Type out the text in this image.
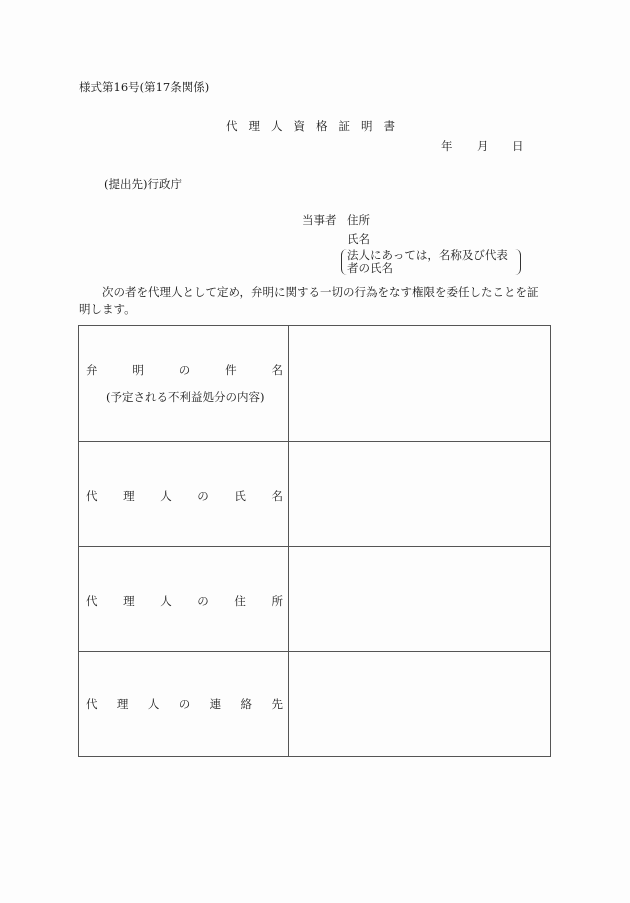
様式第16号(第17条関係)
代理人資格証明書
年 月 日
(提出先)行政庁
当事者 住所
氏名
法人にあっては，名称及び代表者の氏名
次の者を代理人として定め，弁明に関する一切の行為をなす権限を委任したことを証明します。
弁	明	の	件	名
(予定される不利益処分の内容)
代 理 人 の 氏 名
代 理 人 の 住 所
代 理 人 の 連 絡 先
